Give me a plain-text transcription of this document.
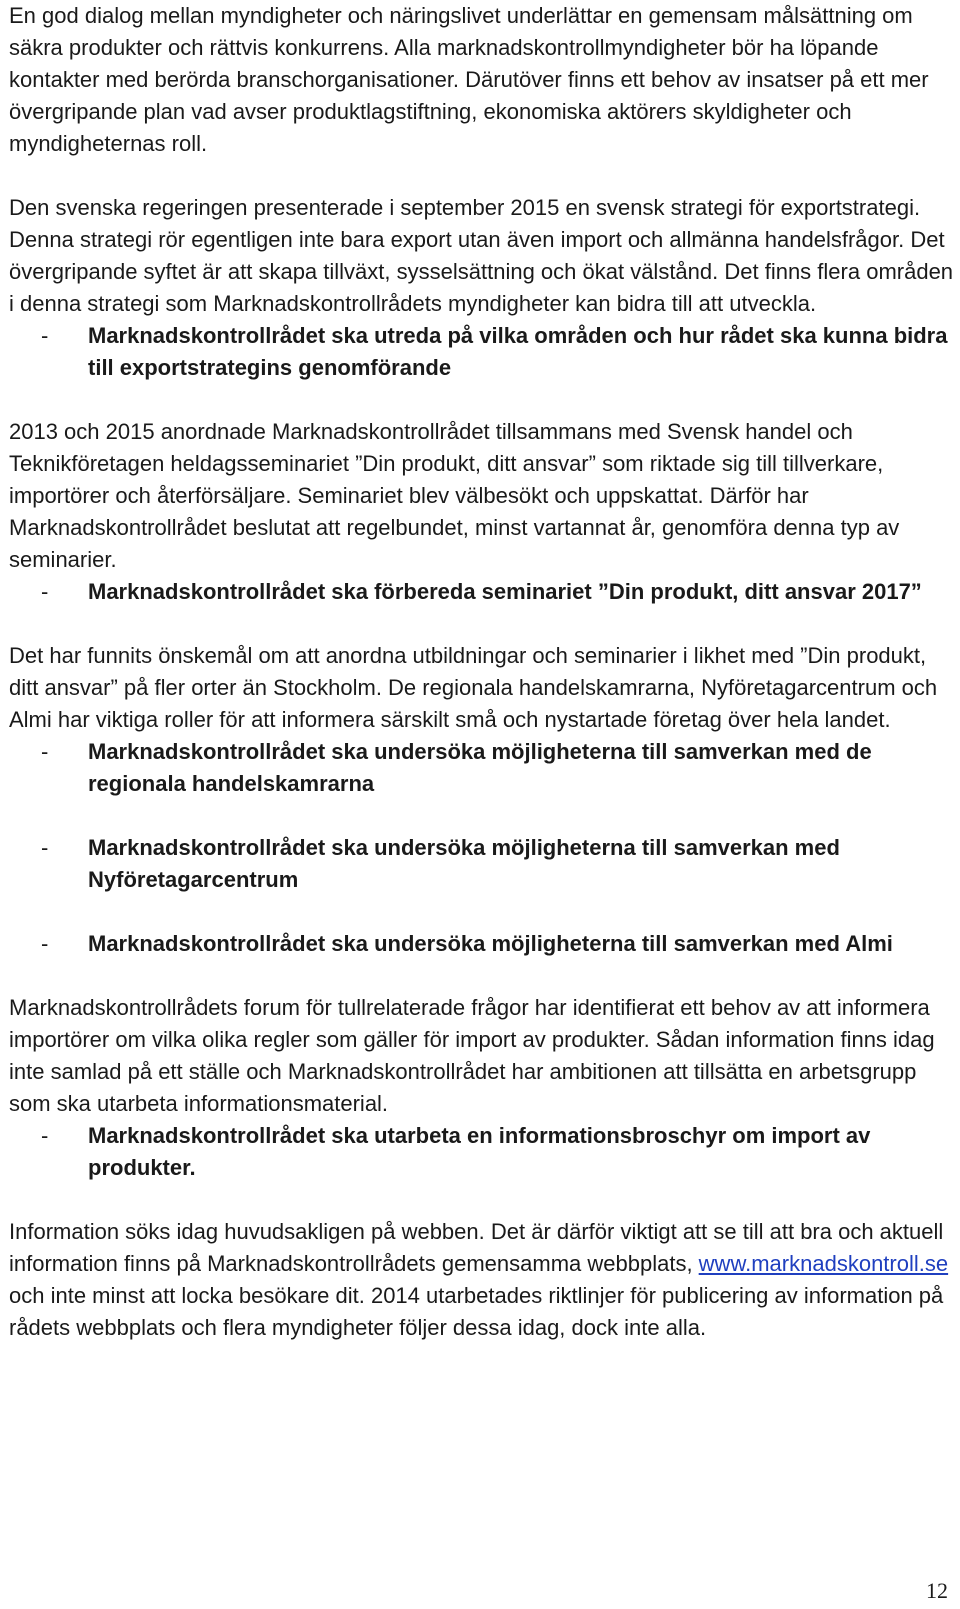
En god dialog mellan myndigheter och näringslivet underlättar en gemensam målsättning om säkra produkter och rättvis konkurrens. Alla marknadskontrollmyndigheter bör ha löpande kontakter med berörda branschorganisationer. Därutöver finns ett behov av insatser på ett mer övergripande plan vad avser produktlagstiftning, ekonomiska aktörers skyldigheter och myndigheternas roll.

Den svenska regeringen presenterade i september 2015 en svensk strategi för exportstrategi. Denna strategi rör egentligen inte bara export utan även import och allmänna handelsfrågor. Det övergripande syftet är att skapa tillväxt, sysselsättning och ökat välstånd. Det finns flera områden i denna strategi som Marknadskontrollrådets myndigheter kan bidra till att utveckla.

-	Marknadskontrollrådet ska utreda på vilka områden och hur rådet ska kunna bidra till exportstrategins genomförande

2013 och 2015 anordnade Marknadskontrollrådet tillsammans med Svensk handel och Teknikföretagen heldagsseminariet ”Din produkt, ditt ansvar” som riktade sig till tillverkare, importörer och återförsäljare. Seminariet blev välbesökt och uppskattat. Därför har Marknadskontrollrådet beslutat att regelbundet, minst vartannat år, genomföra denna typ av seminarier.

-	Marknadskontrollrådet ska förbereda seminariet ”Din produkt, ditt ansvar 2017”

Det har funnits önskemål om att anordna utbildningar och seminarier i likhet med ”Din produkt, ditt ansvar” på fler orter än Stockholm. De regionala handelskamrarna, Nyföretagarcentrum och Almi har viktiga roller för att informera särskilt små och nystartade företag över hela landet.

-	Marknadskontrollrådet ska undersöka möjligheterna till samverkan med de regionala handelskamrarna
-	Marknadskontrollrådet ska undersöka möjligheterna till samverkan med Nyföretagarcentrum
-	Marknadskontrollrådet ska undersöka möjligheterna till samverkan med Almi

Marknadskontrollrådets forum för tullrelaterade frågor har identifierat ett behov av att informera importörer om vilka olika regler som gäller för import av produkter. Sådan information finns idag inte samlad på ett ställe och Marknadskontrollrådet har ambitionen att tillsätta en arbetsgrupp som ska utarbeta informationsmaterial.

-	Marknadskontrollrådet ska utarbeta en informationsbroschyr om import av produkter.

Information söks idag huvudsakligen på webben. Det är därför viktigt att se till att bra och aktuell information finns på Marknadskontrollrådets gemensamma webbplats, www.marknadskontroll.se och inte minst att locka besökare dit. 2014 utarbetades riktlinjer för publicering av information på rådets webbplats och flera myndigheter följer dessa idag, dock inte alla.

12
